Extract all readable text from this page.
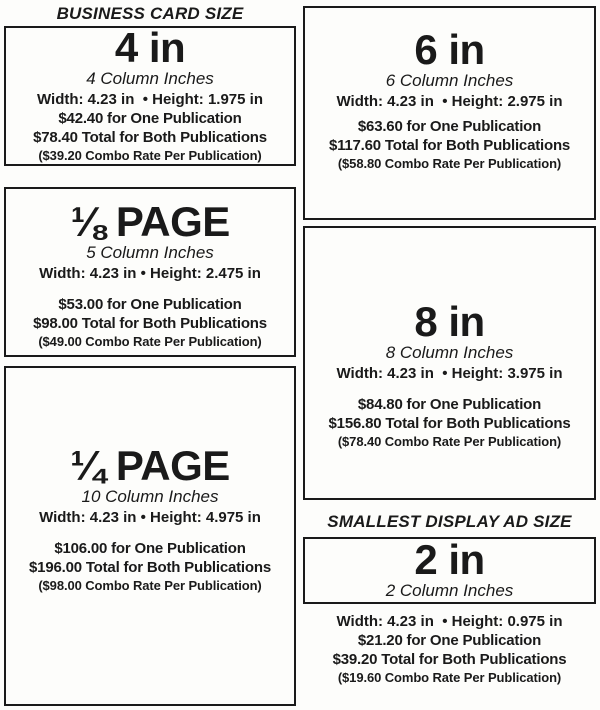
BUSINESS CARD SIZE
4 in
4 Column Inches
Width: 4.23 in  • Height: 1.975 in
$42.40 for One Publication
$78.40 Total for Both Publications
($39.20 Combo Rate Per Publication)
⅛ PAGE
5 Column Inches
Width: 4.23 in • Height: 2.475 in
$53.00 for One Publication
$98.00 Total for Both Publications
($49.00 Combo Rate Per Publication)
¼ PAGE
10 Column Inches
Width: 4.23 in • Height: 4.975 in
$106.00 for One Publication
$196.00 Total for Both Publications
($98.00 Combo Rate Per Publication)
6 in
6 Column Inches
Width: 4.23 in  • Height: 2.975 in
$63.60 for One Publication
$117.60 Total for Both Publications
($58.80 Combo Rate Per Publication)
8 in
8 Column Inches
Width: 4.23 in  • Height: 3.975 in
$84.80 for One Publication
$156.80 Total for Both Publications
($78.40 Combo Rate Per Publication)
SMALLEST DISPLAY AD SIZE
2 in
2 Column Inches
Width: 4.23 in  • Height: 0.975 in
$21.20 for One Publication
$39.20 Total for Both Publications
($19.60 Combo Rate Per Publication)
